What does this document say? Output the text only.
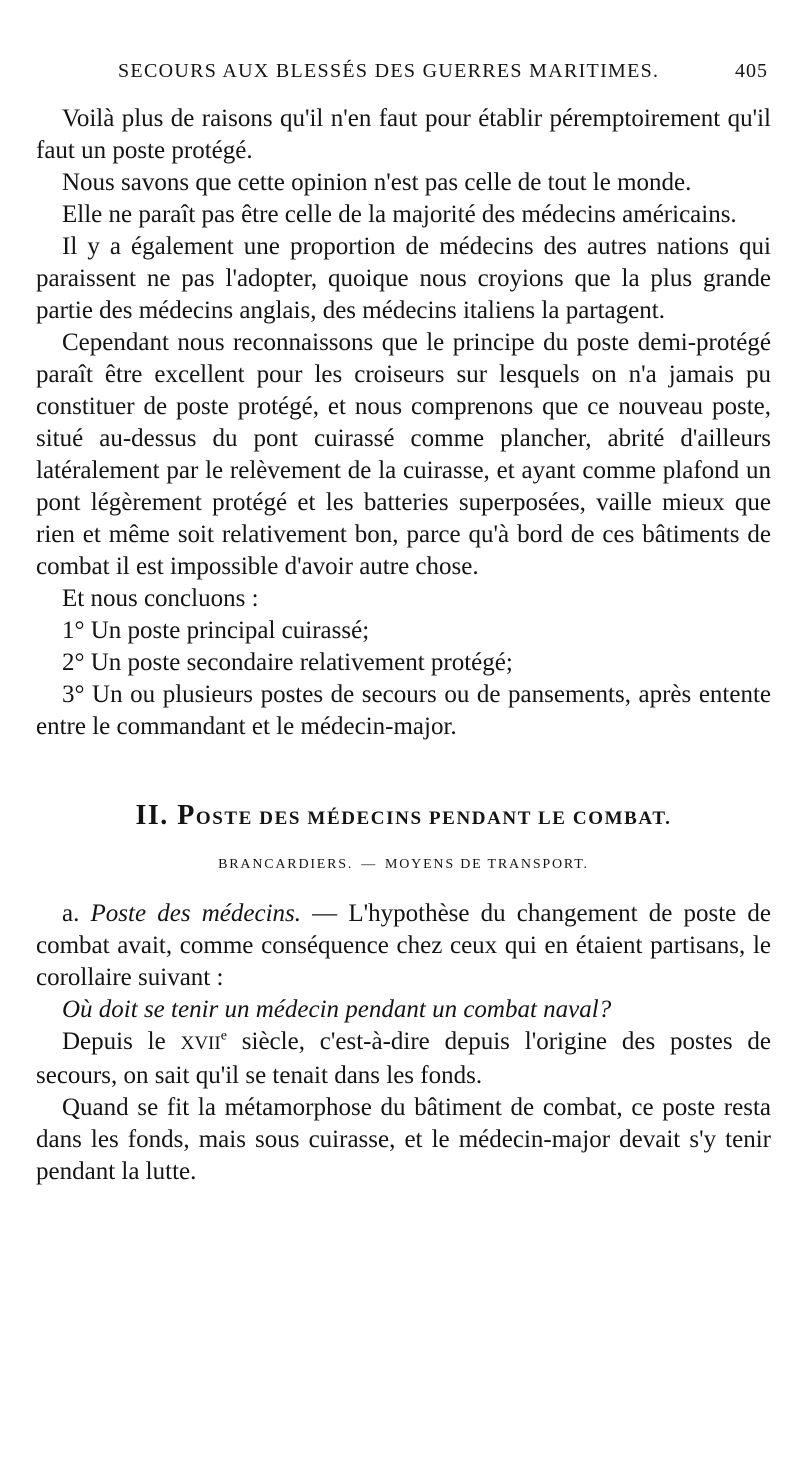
SECOURS AUX BLESSÉS DES GUERRES MARITIMES.	405

Voilà plus de raisons qu'il n'en faut pour établir péremptoirement qu'il faut un poste protégé.

Nous savons que cette opinion n'est pas celle de tout le monde.

Elle ne paraît pas être celle de la majorité des médecins américains.

Il y a également une proportion de médecins des autres nations qui paraissent ne pas l'adopter, quoique nous croyions que la plus grande partie des médecins anglais, des médecins italiens la partagent.

Cependant nous reconnaissons que le principe du poste demi-protégé paraît être excellent pour les croiseurs sur lesquels on n'a jamais pu constituer de poste protégé, et nous comprenons que ce nouveau poste, situé au-dessus du pont cuirassé comme plancher, abrité d'ailleurs latéralement par le relèvement de la cuirasse, et ayant comme plafond un pont légèrement protégé et les batteries superposées, vaille mieux que rien et même soit relativement bon, parce qu'à bord de ces bâtiments de combat il est impossible d'avoir autre chose.

Et nous concluons :

1° Un poste principal cuirassé;

2° Un poste secondaire relativement protégé;

3° Un ou plusieurs postes de secours ou de pansements, après entente entre le commandant et le médecin-major.

II. POSTE DES MÉDECINS PENDANT LE COMBAT.
BRANCARDIERS. — MOYENS DE TRANSPORT.

a. Poste des médecins. — L'hypothèse du changement de poste de combat avait, comme conséquence chez ceux qui en étaient partisans, le corollaire suivant :

Où doit se tenir un médecin pendant un combat naval?

Depuis le XVIIe siècle, c'est-à-dire depuis l'origine des postes de secours, on sait qu'il se tenait dans les fonds.

Quand se fit la métamorphose du bâtiment de combat, ce poste resta dans les fonds, mais sous cuirasse, et le médecin-major devait s'y tenir pendant la lutte.
